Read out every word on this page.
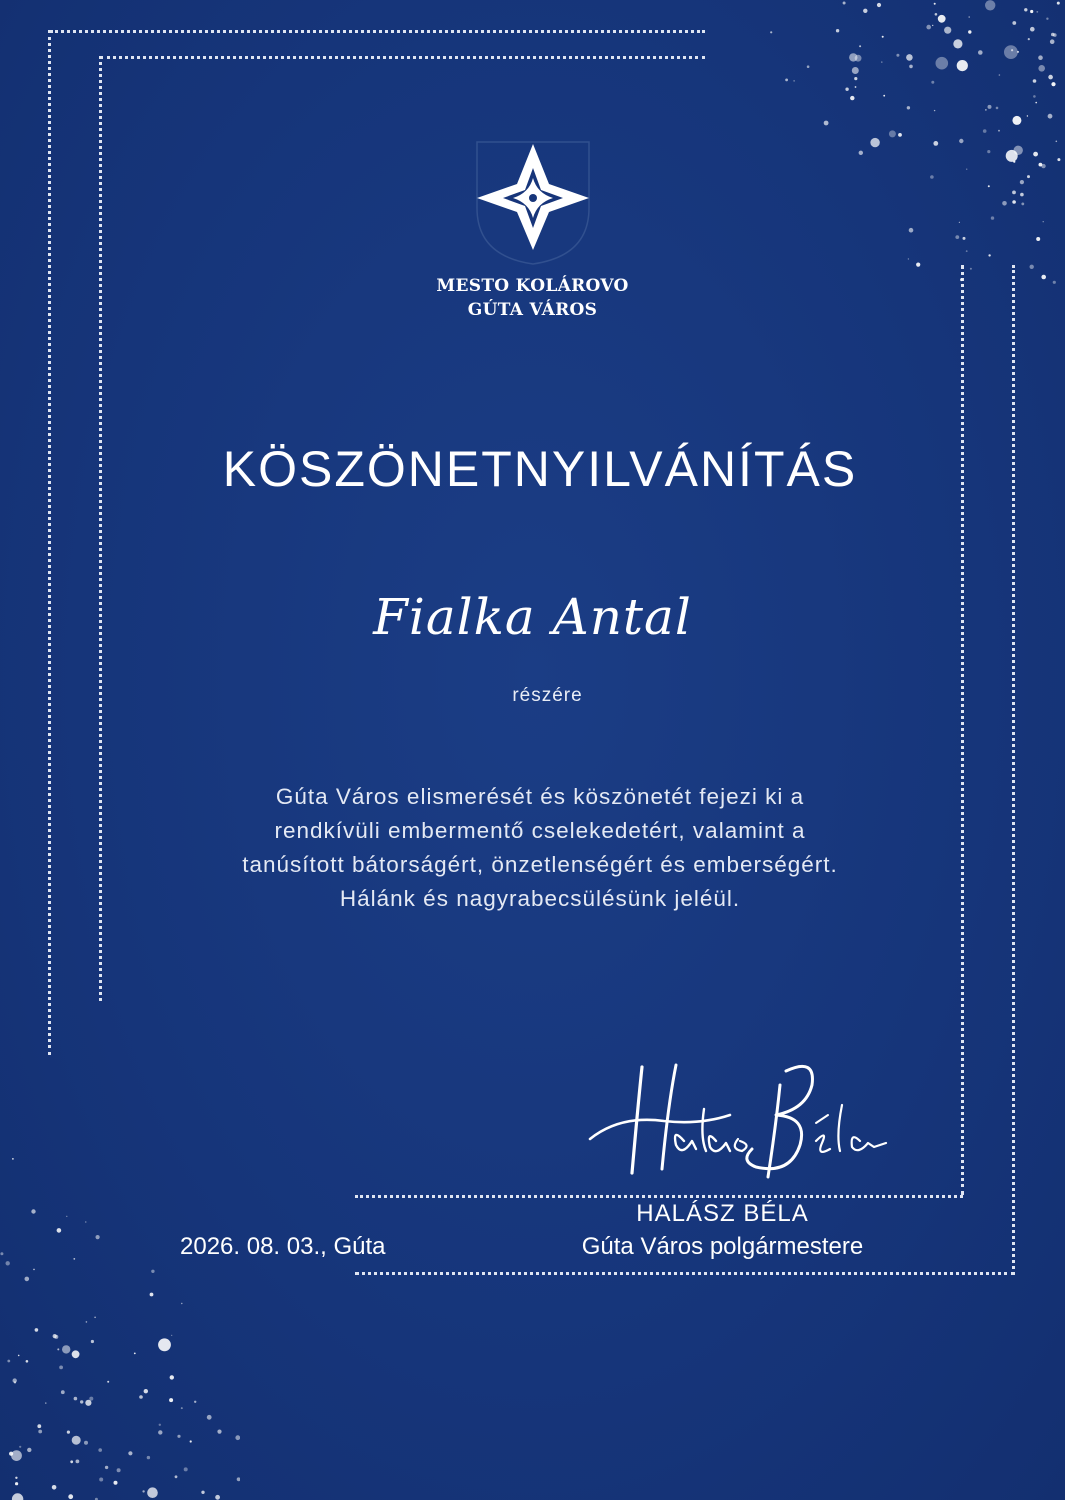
MESTO KOLÁROVO
GÚTA VÁROS
KÖSZÖNETNYILVÁNÍTÁS
Fialka Antal
részére
Gúta Város elismerését és köszönetét fejezi ki a
rendkívüli embermentő cselekedetért, valamint a
tanúsított bátorságért, önzetlenségért és emberségért.
Hálánk és nagyrabecsülésünk jeléül.
HALÁSZ BÉLA
Gúta Város polgármestere
2026. 08. 03., Gúta
